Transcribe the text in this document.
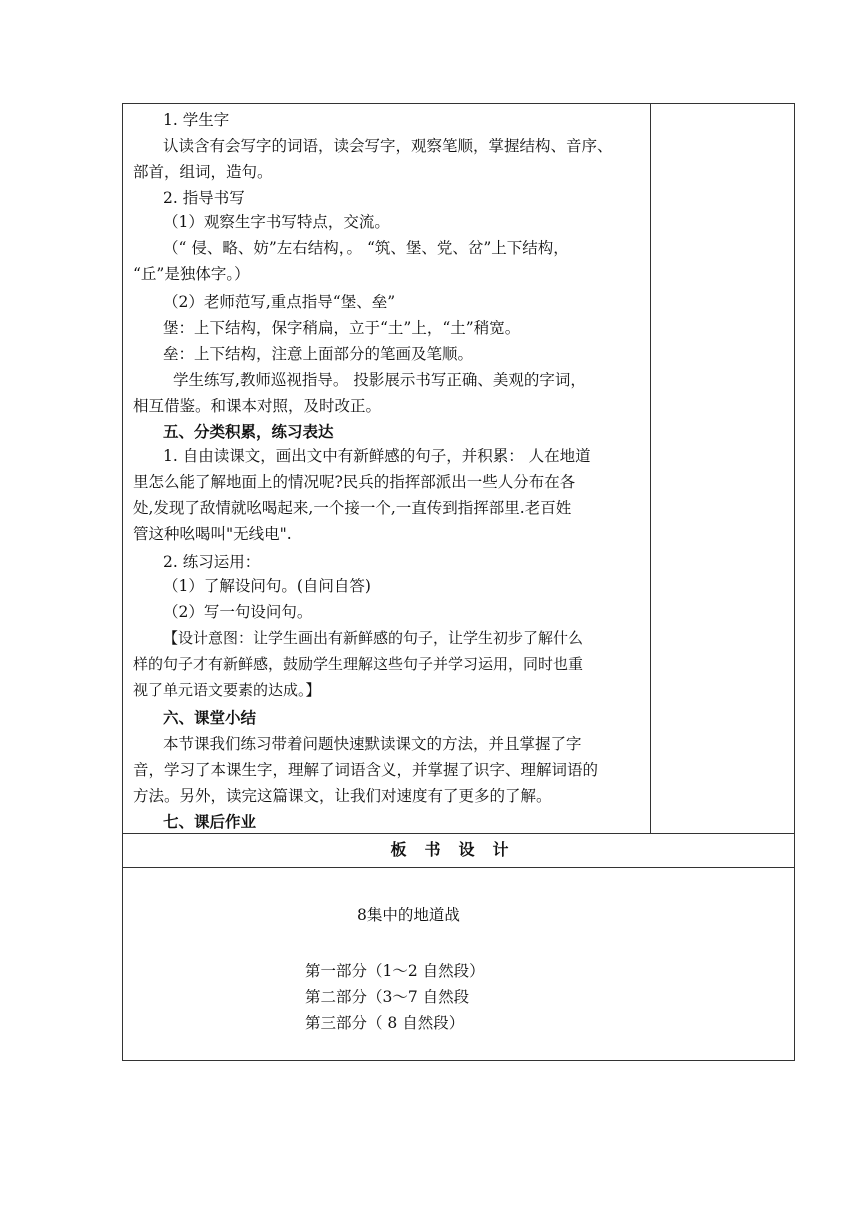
1. 学生字
认读含有会写字的词语，读会写字，观察笔顺，掌握结构、音序、
部首，组词，造句。
2. 指导书写
（1）观察生字书写特点，交流。
（“ 侵、略、妨”左右结构，。 “筑、堡、党、岔”上下结构，
“丘”是独体字。）
（2）老师范写,重点指导“堡、垒”
堡：上下结构，保字稍扁，立于“土”上，“土”稍宽。
垒：上下结构，注意上面部分的笔画及笔顺。
学生练写,教师巡视指导。 投影展示书写正确、美观的字词，
相互借鉴。和课本对照，及时改正。
五、分类积累，练习表达
1. 自由读课文，画出文中有新鲜感的句子，并积累： 人在地道
里怎么能了解地面上的情况呢?民兵的指挥部派出一些人分布在各
处,发现了敌情就吆喝起来,一个接一个,一直传到指挥部里.老百姓
管这种吆喝叫"无线电".
2. 练习运用：
（1）了解设问句。(自问自答)
（2）写一句设问句。
【设计意图：让学生画出有新鲜感的句子，让学生初步了解什么
样的句子才有新鲜感，鼓励学生理解这些句子并学习运用，同时也重
视了单元语文要素的达成。】
六、课堂小结
本节课我们练习带着问题快速默读课文的方法，并且掌握了字
音，学习了本课生字，理解了词语含义，并掌握了识字、理解词语的
方法。另外，读完这篇课文，让我们对速度有了更多的了解。
七、课后作业
板书设计
8集中的地道战
第一部分（1～2 自然段）
第二部分（3～7 自然段
第三部分（ 8 自然段）
